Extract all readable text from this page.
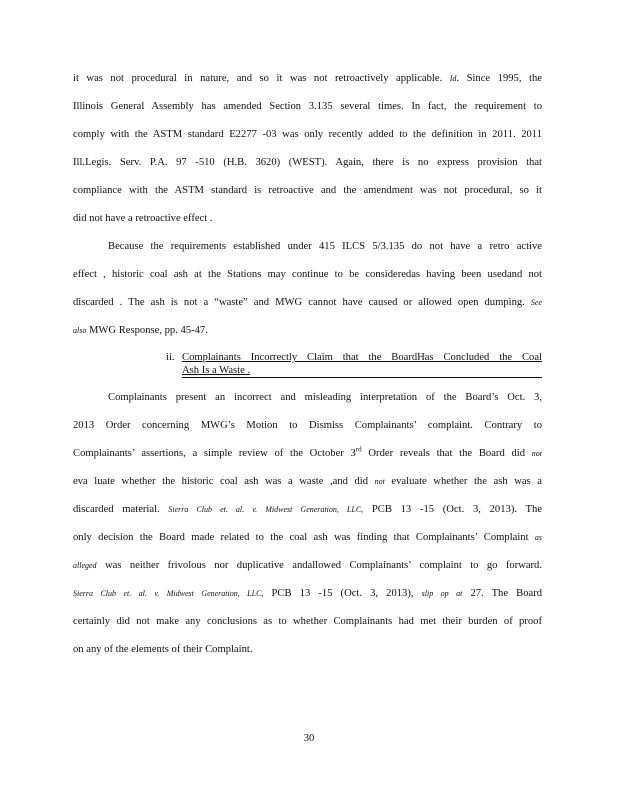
it was not procedural in nature, and so it was not retroactively applicable. Id. Since 1995, the
Illinois General Assembly has amended Section 3.135 several times. In fact, the requirement to
comply with the ASTM standard E2277 -03 was only recently added to the definition in 2011. 2011
Ill.Legis. Serv. P.A. 97 -510 (H.B. 3620) (WEST). Again, there is no express provision that
compliance with the ASTM standard is retroactive and the amendment was not procedural, so it
did not have a retroactive effect .
Because the requirements established under 415 ILCS 5/3.135 do not have a retro active
effect , historic coal ash at the Stations may continue to be consideredas having been usedand not
discarded . The ash is not a “waste” and MWG cannot have caused or allowed open dumping. See
also MWG Response, pp. 45-47.
ii. Complainants Incorrectly Claim that the BoardHas Concluded the Coal
Ash Is a Waste .
Complainants present an incorrect and misleading interpretation of the Board’s Oct. 3,
2013 Order concerning MWG’s Motion to Dismiss Complainants’ complaint. Contrary to
Complainants’ assertions, a simple review of the October 3rd Order reveals that the Board did not
eva luate whether the historic coal ash was a waste ,and did not evaluate whether the ash was a
discarded material. Sierra Club et. al. v. Midwest Generation, LLC, PCB 13 -15 (Oct. 3, 2013). The
only decision the Board made related to the coal ash was finding that Complainants’ Complaint as
alleged was neither frivolous nor duplicative andallowed Complainants’ complaint to go forward.
Sierra Club et. al. v. Midwest Generation, LLC, PCB 13 -15 (Oct. 3, 2013), slip op at 27. The Board
certainly did not make any conclusions as to whether Complainants had met their burden of proof
on any of the elements of their Complaint.
30
